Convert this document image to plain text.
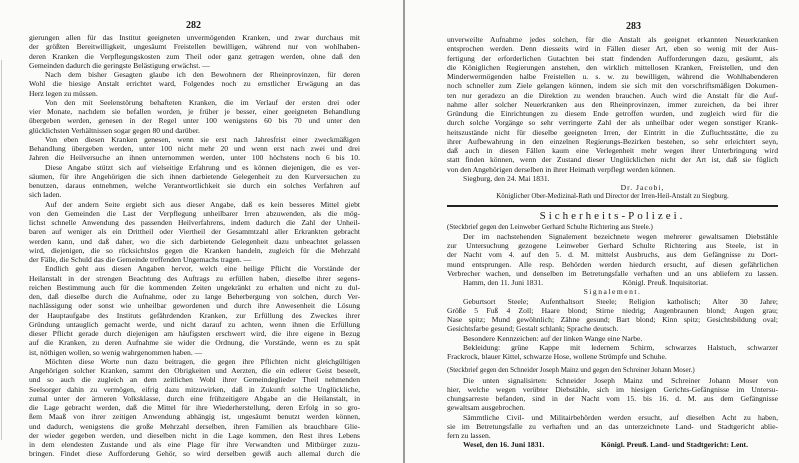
282	283
gierungen allen für das Institut geeigneten unvermögenden Kranken, und zwar durchaus mit
der größten Bereitwilligkeit, ungesäumt Freistellen bewilligen, während nur von wohlhaben-
deren Kranken die Verpflegungskosten zum Theil oder ganz getragen werden, ohne daß den
Gemeinden dadurch die geringste Belästigung erwächst. —
Nach dem bisher Gesagten glaube ich den Bewohnern der Rheinprovinzen, für deren
Wohl die hiesige Anstalt errichtet ward, Folgendes noch zu ernstlicher Erwägung an das
Herz legen zu müssen.
Von den mit Seelenstörung behafteten Kranken, die im Verlauf der ersten drei oder
vier Monate, nachdem sie befallen worden, je früher je besser, einer geeigneten Behandlung
übergeben werden, genesen in der Regel unter 100 wenigstens 60 bis 70 und unter den
glücklichsten Verhältnissen sogar gegen 80 und darüber.
Von eben diesen Kranken genesen, wenn sie erst nach Jahresfrist einer zweckmäßigen
Behandlung übergeben werden, unter 100 nicht mehr 20 und wenn erst nach zwei und drei
Jahren die Heilversuche an ihnen unternommen werden, unter 100 höchstens noch 6 bis 10.
Diese Angabe stützt sich auf vielseitige Erfahrung und es können diejenigen, die es ver-
säumen, für ihre Angehörigen die sich ihnen darbietende Gelegenheit zu den Kurversuchen zu
benutzen, daraus entnehmen, welche Verantwortlichkeit sie durch ein solches Verfahren auf
sich laden.
Auf der andern Seite ergiebt sich aus dieser Angabe, daß es kein besseres Mittel giebt
von den Gemeinden die Last der Verpflegung unheilbarer Irren abzuwenden, als die mög-
lichst schnelle Anwendung des passenden Heilverfahrens, indem dadurch die Zahl der Unheil-
baren auf weniger als ein Drittheil oder Viertheil der Gesammtzahl aller Erkrankten gebracht
werden kann, und daß daher, wo die sich darbietende Gelegenheit dazu unbeachtet gelassen
wird, diejenigen, die so rücksichtslos gegen die Kranken handeln, zugleich für die Mehrzahl
der Fälle, die Schuld das die Gemeinde treffenden Ungemachs tragen. —
Endlich geht aus diesen Angaben hervor, welch eine heilige Pflicht die Vorstände der
Heilanstalt in der strengen Beachtung des Auftrags zu erfüllen haben, dieselbe ihrer segens-
reichen Bestimmung auch für die kommenden Zeiten ungekränkt zu erhalten und nicht zu dul-
den, daß dieselbe durch die Aufnahme, oder zu lange Beherbergung von solchen, durch Ver-
nachlässigung oder sonst wie unheilbar gewordenen und durch ihre Anwesenheit die Lösung
der Hauptaufgabe des Instituts gefährdenden Kranken, zur Erfüllung des Zweckes ihrer
Gründung untauglich gemacht werde, und nicht darauf zu achten, wenn ihnen die Erfüllung
dieser Pflicht gerade durch diejenigen am häufigsten erschwert wird, die ihre eigene in Bezug
auf die Kranken, zu deren Aufnahme sie wider die Ordnung, die Vorstände, wenn es zu spät
ist, nöthigen wollen, so wenig wahrgenommen haben. —
Möchten diese Worte nun dazu beitragen, die gegen ihre Pflichten nicht gleichgültigen
Angehörigen solcher Kranken, sammt den Obrigkeiten und Aerzten, die ein edlerer Geist beseelt,
und so auch die zugleich an dem zeitlichen Wohl ihrer Gemeindeglieder Theil nehmenden
Seelsorger dahin zu vermögen, eifrig dazu mitzuwirken, daß in Zukunft solche Unglückliche,
zumal unter der ärmeren Volksklasse, durch eine frühzeitigere Abgabe an die Heilanstalt, in
die Lage gebracht werden, daß die Mittel für ihre Wiederherstellung, deren Erfolg in so gro-
ßem Maaß von ihrer zeitigen Anwendung abhängig ist, ungesäumt benutzt werden können,
und dadurch, wenigstens die große Mehrzahl derselben, ihren Familien als brauchbare Glie-
der wieder gegeben werden, und dieselben nicht in die Lage kommen, den Rest ihres Lebens
in dem elendesten Zustande und als eine Plage für ihre Verwandten und Mitbürger zuzu-
bringen. Findet diese Aufforderung Gehör, so wird derselben gewiß auch allemal durch die
unverweilte Aufnahme jedes solchen, für die Anstalt als geeignet erkannten Neuerkranken
entsprochen werden. Denn diesseits wird in Fällen dieser Art, eben so wenig mit der Aus-
fertigung der erforderlichen Gutachten bei statt findenden Aufforderungen dazu, gesäumt, als
die Königlichen Regierungen anstehen, den wirklich mittellosen Kranken, Freistellen, und den
Minderwermögenden halbe Freistellen u. s. w. zu bewilligen, während die Wohlhabenderen
noch schneller zum Ziele gelangen können, indem sie sich mit den vorschriftsmäßigen Dokumen-
ten nur geradezu an die Direktion zu wenden brauchen. Auch wird die Anstalt für die Auf-
nahme aller solcher Neuerkranken aus den Rheinprovinzen, immer zureichen, da bei ihrer
Gründung die Einrichtungen zu diesem Ende getroffen wurden, und zugleich wird für die
durch solche Vorgänge so sehr verringerte Zahl der als unheilbar oder wegen sonstiger Krank-
heitszustände nicht für dieselbe geeigneten Irren, der Eintritt in die Zufluchtsstätte, die zu
ihrer Aufbewahrung in den einzelnen Regierungs-Bezirken bestehen, so sehr erleichtert seyn,
daß auch in diesen Fällen kaum eine Verlegenheit mehr wegen ihrer Unterbringung wird
statt finden können, wenn der Zustand dieser Unglücklichen nicht der Art ist, daß sie füglich
von den Angehörigen derselben in ihrer Heimath verpflegt werden können.
Siegburg, den 24. Mai 1831.
Dr. Jacobi,
Königlicher Ober-Medizinal-Rath und Director der Irren-Heil-Anstalt zu Siegburg.
Sicherheits-Polizei.
(Steckbrief gegen den Leinweber Gerhard Schulte Richtering aus Steele.)
Der im nachstehenden Signalement bezeichnete wegen mehrerer gewaltsamen Diebstähle
zur Untersuchung gezogene Leinweber Gerhard Schulte Richtering aus Steele, ist in
der Nacht vom 4. auf den 5. d. M. mittelst Ausbruchs, aus dem Gefängnisse zu Dort-
mund entsprungen. Alle resp. Behörden werden hiedurch ersucht, auf diesen gefährlichen
Verbrecher wachen, und denselben im Betretungsfalle verhaften und an uns abliefern zu lassen.
Hamm, den 11. Juni 1831.	Königl. Preuß. Inquisitoriat.
Signalement.
Geburtsort Steele; Aufenthaltsort Steele; Religion katholisch; Alter 30 Jahre;
Größe 5 Fuß 4 Zoll; Haare blond; Stirne niedrig; Augenbraunen blond; Augen grau;
Nase spitz; Mund gewöhnlich; Zähne gesund; Bart blond; Kinn spitz; Gesichtsbildung oval;
Gesichtsfarbe gesund; Gestalt schlank; Sprache deutsch.
Besondere Kennzeichen: auf der linken Wange eine Narbe.
Bekleidung: grüne Kappe mit ledernem Schirm, schwarzes Halstuch, schwarzer
Frackrock, blauer Kittel, schwarze Hose, wollene Strümpfe und Schuhe.
(Steckbrief gegen den Schneider Joseph Mainz und gegen den Schreiner Johann Moser.)
Die unten signalisirten: Schneider Joseph Mainz und Schreiner Johann Moser von
hier, welche wegen verübter Diebstähle, sich im hiesigen Gerichts-Gefängnisse im Untersu-
chungsarreste befanden, sind in der Nacht vom 15. bis 16. d. M. aus dem Gefängnisse
gewaltsam ausgebrochen.
Sämmtliche Civil- und Militairbehörden werden ersucht, auf dieselben Acht zu haben,
sie im Betretungsfalle zu verhaften und an das unterzeichnete Land- und Stadtgericht ablie-
fern zu lassen.
Wesel, den 16. Juni 1831.	Königl. Preuß. Land- und Stadtgericht: Lent.
